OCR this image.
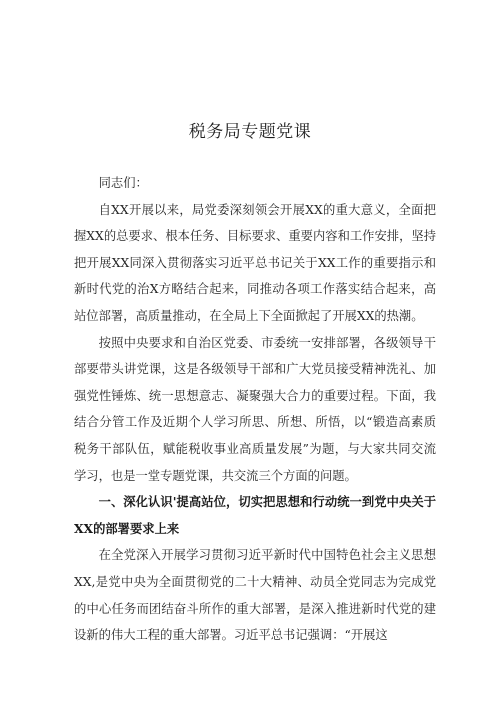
税务局专题党课

同志们：

自XX开展以来，局党委深刻领会开展XX的重大意义，全面把握XX的总要求、根本任务、目标要求、重要内容和工作安排，坚持把开展XX同深入贯彻落实习近平总书记关于XX工作的重要指示和新时代党的治X方略结合起来，同推动各项工作落实结合起来，高站位部署，高质量推动，在全局上下全面掀起了开展XX的热潮。

按照中央要求和自治区党委、市委统一安排部署，各级领导干部要带头讲党课，这是各级领导干部和广大党员接受精神洗礼、加强党性锤炼、统一思想意志、凝聚强大合力的重要过程。下面，我结合分管工作及近期个人学习所思、所想、所悟，以“锻造高素质税务干部队伍，赋能税收事业高质量发展”为题，与大家共同交流学习，也是一堂专题党课，共交流三个方面的问题。

一、深化认识'提高站位，切实把思想和行动统一到党中央关于XX的部署要求上来

在全党深入开展学习贯彻习近平新时代中国特色社会主义思想XX,是党中央为全面贯彻党的二十大精神、动员全党同志为完成党的中心任务而团结奋斗所作的重大部署，是深入推进新时代党的建设新的伟大工程的重大部署。习近平总书记强调：“开展这
